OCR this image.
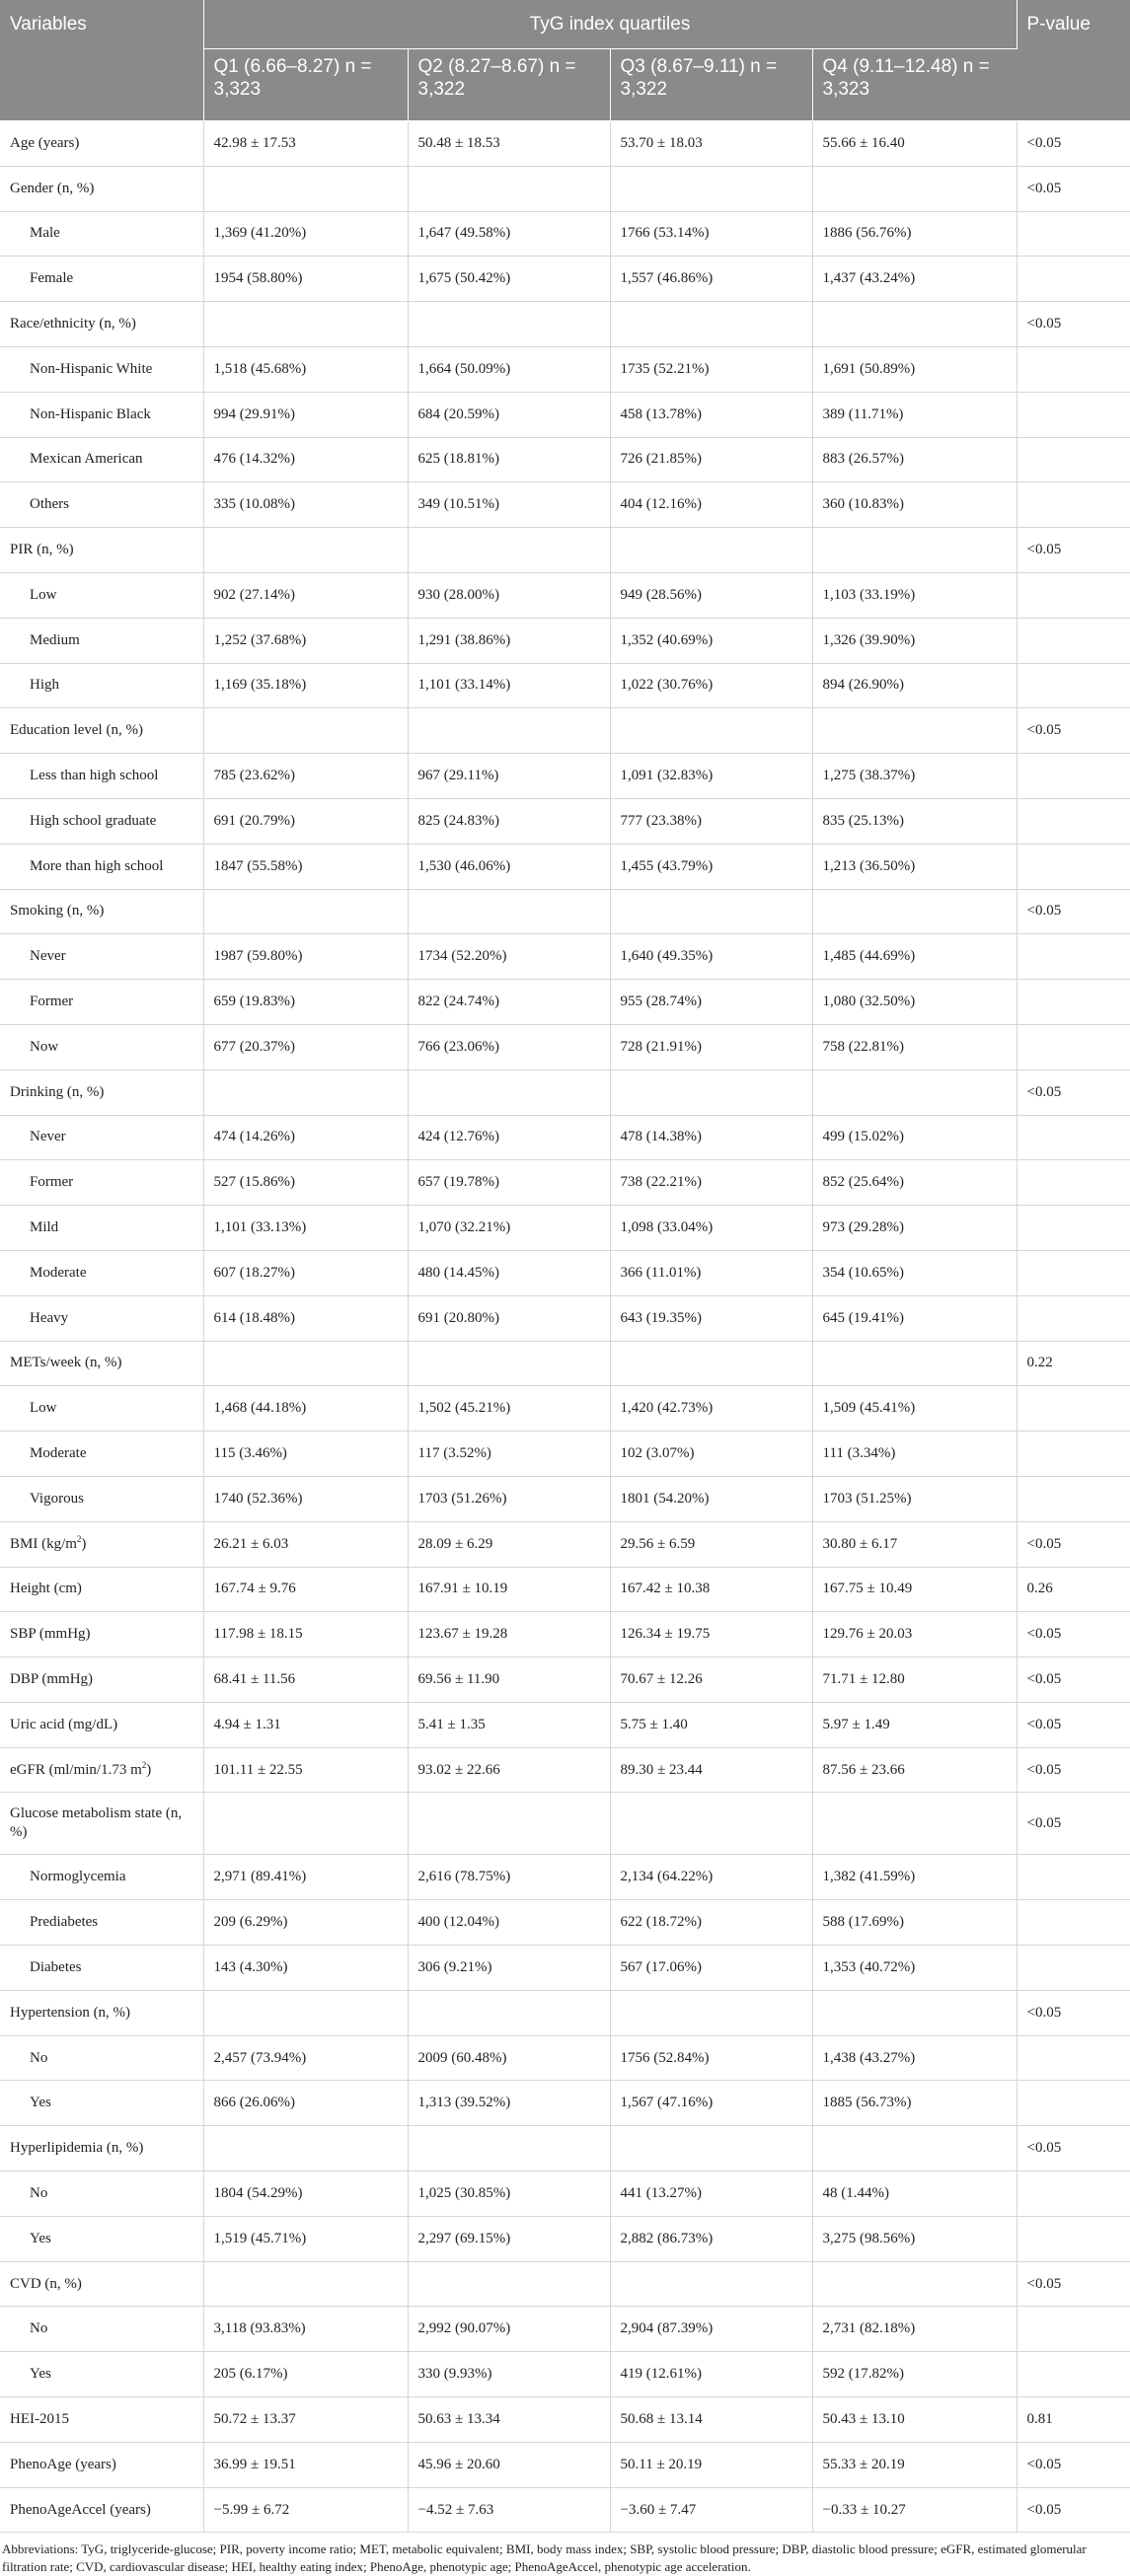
Variables	TyG index quartiles				P-value
	Q1 (6.66–8.27) n = 3,323	Q2 (8.27–8.67) n = 3,322	Q3 (8.67–9.11) n = 3,322	Q4 (9.11–12.48) n = 3,323	
Age (years)	42.98 ± 17.53	50.48 ± 18.53	53.70 ± 18.03	55.66 ± 16.40	<0.05
Gender (n, %)					<0.05
Male	1,369 (41.20%)	1,647 (49.58%)	1766 (53.14%)	1886 (56.76%)	
Female	1954 (58.80%)	1,675 (50.42%)	1,557 (46.86%)	1,437 (43.24%)	
Race/ethnicity (n, %)					<0.05
Non-Hispanic White	1,518 (45.68%)	1,664 (50.09%)	1735 (52.21%)	1,691 (50.89%)	
Non-Hispanic Black	994 (29.91%)	684 (20.59%)	458 (13.78%)	389 (11.71%)	
Mexican American	476 (14.32%)	625 (18.81%)	726 (21.85%)	883 (26.57%)	
Others	335 (10.08%)	349 (10.51%)	404 (12.16%)	360 (10.83%)	
PIR (n, %)					<0.05
Low	902 (27.14%)	930 (28.00%)	949 (28.56%)	1,103 (33.19%)	
Medium	1,252 (37.68%)	1,291 (38.86%)	1,352 (40.69%)	1,326 (39.90%)	
High	1,169 (35.18%)	1,101 (33.14%)	1,022 (30.76%)	894 (26.90%)	
Education level (n, %)					<0.05
Less than high school	785 (23.62%)	967 (29.11%)	1,091 (32.83%)	1,275 (38.37%)	
High school graduate	691 (20.79%)	825 (24.83%)	777 (23.38%)	835 (25.13%)	
More than high school	1847 (55.58%)	1,530 (46.06%)	1,455 (43.79%)	1,213 (36.50%)	
Smoking (n, %)					<0.05
Never	1987 (59.80%)	1734 (52.20%)	1,640 (49.35%)	1,485 (44.69%)	
Former	659 (19.83%)	822 (24.74%)	955 (28.74%)	1,080 (32.50%)	
Now	677 (20.37%)	766 (23.06%)	728 (21.91%)	758 (22.81%)	
Drinking (n, %)					<0.05
Never	474 (14.26%)	424 (12.76%)	478 (14.38%)	499 (15.02%)	
Former	527 (15.86%)	657 (19.78%)	738 (22.21%)	852 (25.64%)	
Mild	1,101 (33.13%)	1,070 (32.21%)	1,098 (33.04%)	973 (29.28%)	
Moderate	607 (18.27%)	480 (14.45%)	366 (11.01%)	354 (10.65%)	
Heavy	614 (18.48%)	691 (20.80%)	643 (19.35%)	645 (19.41%)	
METs/week (n, %)					0.22
Low	1,468 (44.18%)	1,502 (45.21%)	1,420 (42.73%)	1,509 (45.41%)	
Moderate	115 (3.46%)	117 (3.52%)	102 (3.07%)	111 (3.34%)	
Vigorous	1740 (52.36%)	1703 (51.26%)	1801 (54.20%)	1703 (51.25%)	
BMI $(kg/m^2)$	26.21 ± 6.03	28.09 ± 6.29	29.56 ± 6.59	30.80 ± 6.17	<0.05
Height (cm)	167.74 ± 9.76	167.91 ± 10.19	167.42 ± 10.38	167.75 ± 10.49	0.26
SBP (mmHg)	117.98 ± 18.15	123.67 ± 19.28	126.34 ± 19.75	129.76 ± 20.03	<0.05
DBP (mmHg)	68.41 ± 11.56	69.56 ± 11.90	70.67 ± 12.26	71.71 ± 12.80	<0.05
Uric acid (mg/dL)	4.94 ± 1.31	5.41 ± 1.35	5.75 ± 1.40	5.97 ± 1.49	<0.05
eGFR (ml/min/1.73 $m^2$)	101.11 ± 22.55	93.02 ± 22.66	89.30 ± 23.44	87.56 ± 23.66	<0.05
Glucose metabolism state (n, %)					<0.05
Normoglycemia	2,971 (89.41%)	2,616 (78.75%)	2,134 (64.22%)	1,382 (41.59%)	
Prediabetes	209 (6.29%)	400 (12.04%)	622 (18.72%)	588 (17.69%)	
Diabetes	143 (4.30%)	306 (9.21%)	567 (17.06%)	1,353 (40.72%)	
Hypertension (n, %)					<0.05
No	2,457 (73.94%)	2009 (60.48%)	1756 (52.84%)	1,438 (43.27%)	
Yes	866 (26.06%)	1,313 (39.52%)	1,567 (47.16%)	1885 (56.73%)	
Hyperlipidemia (n, %)					<0.05
No	1804 (54.29%)	1,025 (30.85%)	441 (13.27%)	48 (1.44%)	
Yes	1,519 (45.71%)	2,297 (69.15%)	2,882 (86.73%)	3,275 (98.56%)	
CVD (n, %)					<0.05
No	3,118 (93.83%)	2,992 (90.07%)	2,904 (87.39%)	2,731 (82.18%)	
Yes	205 (6.17%)	330 (9.93%)	419 (12.61%)	592 (17.82%)	
HEI-2015	50.72 ± 13.37	50.63 ± 13.34	50.68 ± 13.14	50.43 ± 13.10	0.81
PhenoAge (years)	36.99 ± 19.51	45.96 ± 20.60	50.11 ± 20.19	55.33 ± 20.19	<0.05
PhenoAgeAccel (years)	−5.99 ± 6.72	−4.52 ± 7.63	−3.60 ± 7.47	−0.33 ± 10.27	<0.05
Abbreviations: TyG, triglyceride-glucose; PIR, poverty income ratio; MET, metabolic equivalent; BMI, body mass index; SBP, systolic blood pressure; DBP, diastolic blood pressure; eGFR, estimated glomerular filtration rate; CVD, cardiovascular disease; HEI, healthy eating index; PhenoAge, phenotypic age; PhenoAgeAccel, phenotypic age acceleration.
